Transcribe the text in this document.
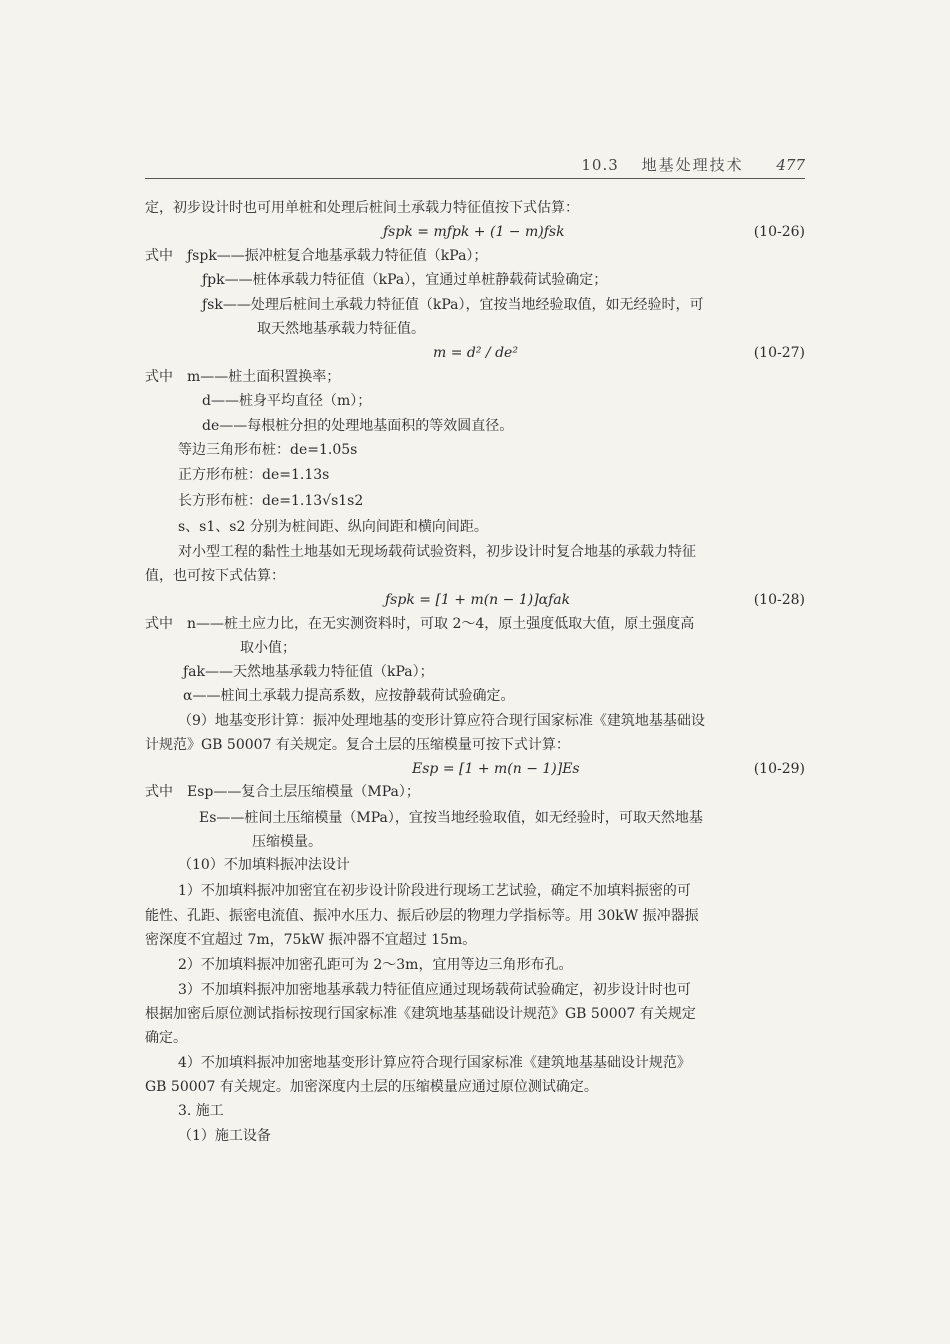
10.3 地基处理技术 477
定，初步设计时也可用单桩和处理后桩间土承载力特征值按下式估算：
式中　ƒspk——振冲桩复合地基承载力特征值（kPa）；
ƒpk——桩体承载力特征值（kPa），宜通过单桩静载荷试验确定；
ƒsk——处理后桩间土承载力特征值（kPa），宜按当地经验取值，如无经验时，可
取天然地基承载力特征值。
式中　m——桩土面积置换率；
d——桩身平均直径（m）；
de——每根桩分担的处理地基面积的等效圆直径。
等边三角形布桩：de=1.05s
正方形布桩：de=1.13s
长方形布桩：de=1.13√s1s2
s、s1、s2 分别为桩间距、纵向间距和横向间距。
对小型工程的黏性土地基如无现场载荷试验资料，初步设计时复合地基的承载力特征
值，也可按下式估算：
式中　n——桩土应力比，在无实测资料时，可取 2～4，原土强度低取大值，原土强度高
取小值；
ƒak——天然地基承载力特征值（kPa）；
α——桩间土承载力提高系数，应按静载荷试验确定。
（9）地基变形计算：振冲处理地基的变形计算应符合现行国家标准《建筑地基基础设
计规范》GB 50007 有关规定。复合土层的压缩模量可按下式计算：
式中　Esp——复合土层压缩模量（MPa）；
Es——桩间土压缩模量（MPa），宜按当地经验取值，如无经验时，可取天然地基
压缩模量。
（10）不加填料振冲法设计
1）不加填料振冲加密宜在初步设计阶段进行现场工艺试验，确定不加填料振密的可
能性、孔距、振密电流值、振冲水压力、振后砂层的物理力学指标等。用 30kW 振冲器振
密深度不宜超过 7m，75kW 振冲器不宜超过 15m。
2）不加填料振冲加密孔距可为 2～3m，宜用等边三角形布孔。
3）不加填料振冲加密地基承载力特征值应通过现场载荷试验确定，初步设计时也可
根据加密后原位测试指标按现行国家标准《建筑地基基础设计规范》GB 50007 有关规定
确定。
4）不加填料振冲加密地基变形计算应符合现行国家标准《建筑地基基础设计规范》
GB 50007 有关规定。加密深度内土层的压缩模量应通过原位测试确定。
3. 施工
（1）施工设备
ƒspk = mƒpk + (1 − m)ƒsk	(10-26)
m = d² / de²	(10-27)
ƒspk = [1 + m(n − 1)]αƒak	(10-28)
Esp = [1 + m(n − 1)]Es	(10-29)
